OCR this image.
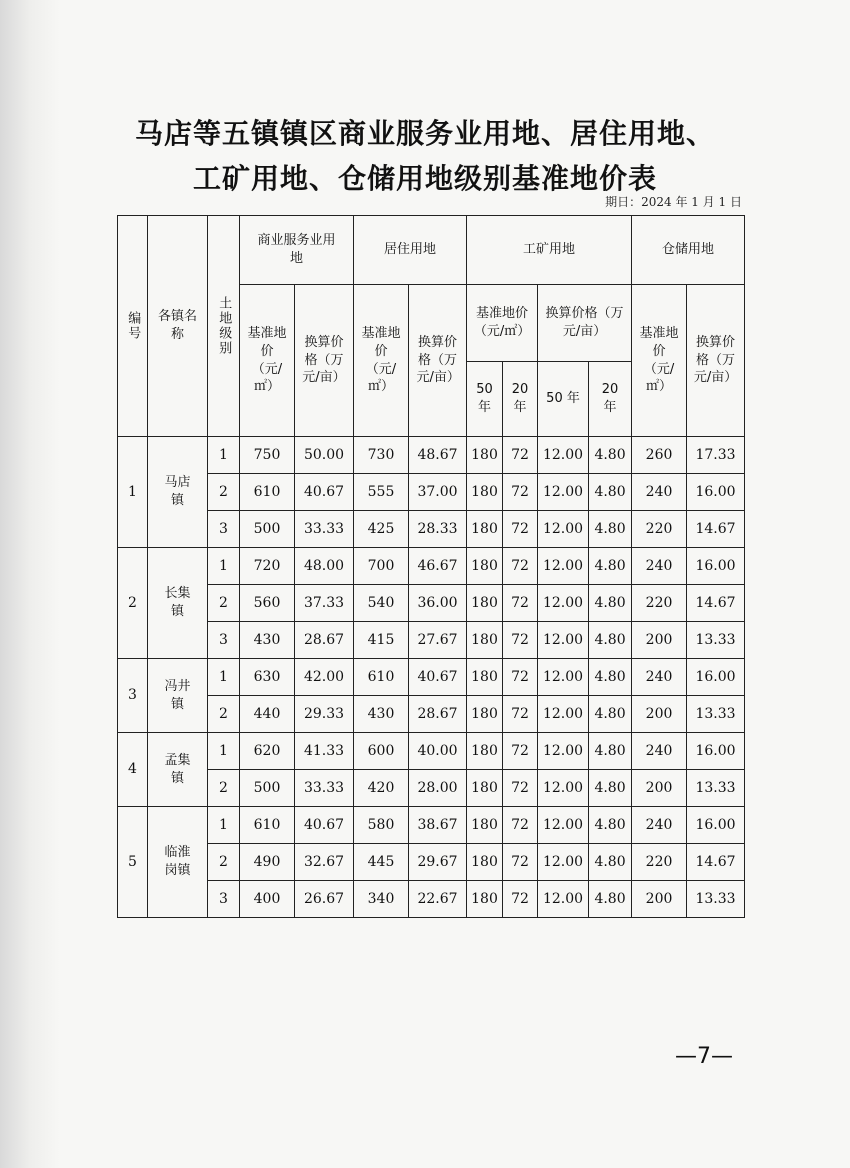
马店等五镇镇区商业服务业用地、居住用地、
工矿用地、仓储用地级别基准地价表
期日：2024 年 1 月 1 日
编号	各镇名称	土地级别	商业服务业用地		居住用地		工矿用地				仓储用地	
			基准地价（元/㎡）	换算价格（万元/亩）	基准地价（元/㎡）	换算价格（万元/亩）	基准地价（元/㎡）		换算价格（万元/亩）		基准地价（元/㎡）	换算价格（万元/亩）
							50年	20年	50 年	20年		
1	马店镇	1	750	50.00	730	48.67	180	72	12.00	4.80	260	17.33
		2	610	40.67	555	37.00	180	72	12.00	4.80	240	16.00
		3	500	33.33	425	28.33	180	72	12.00	4.80	220	14.67
2	长集镇	1	720	48.00	700	46.67	180	72	12.00	4.80	240	16.00
		2	560	37.33	540	36.00	180	72	12.00	4.80	220	14.67
		3	430	28.67	415	27.67	180	72	12.00	4.80	200	13.33
3	冯井镇	1	630	42.00	610	40.67	180	72	12.00	4.80	240	16.00
		2	440	29.33	430	28.67	180	72	12.00	4.80	200	13.33
4	孟集镇	1	620	41.33	600	40.00	180	72	12.00	4.80	240	16.00
		2	500	33.33	420	28.00	180	72	12.00	4.80	200	13.33
5	临淮岗镇	1	610	40.67	580	38.67	180	72	12.00	4.80	240	16.00
		2	490	32.67	445	29.67	180	72	12.00	4.80	220	14.67
		3	400	26.67	340	22.67	180	72	12.00	4.80	200	13.33
—7—
